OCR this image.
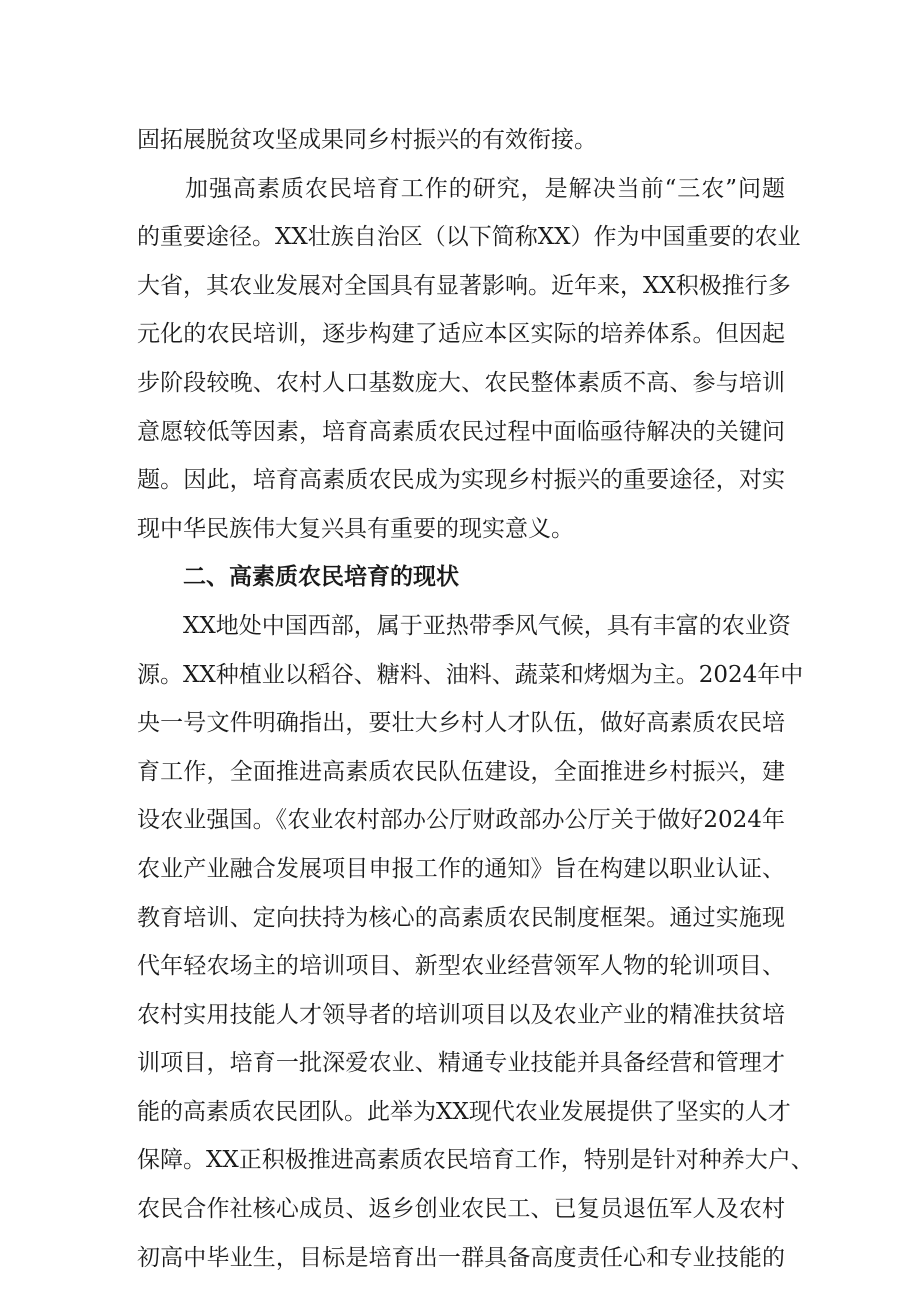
固拓展脱贫攻坚成果同乡村振兴的有效衔接。
　　加强高素质农民培育工作的研究，是解决当前“三农”问题
的重要途径。XX壮族自治区（以下简称XX）作为中国重要的农业
大省，其农业发展对全国具有显著影响。近年来，XX积极推行多
元化的农民培训，逐步构建了适应本区实际的培养体系。但因起
步阶段较晚、农村人口基数庞大、农民整体素质不高、参与培训
意愿较低等因素，培育高素质农民过程中面临亟待解决的关键问
题。因此，培育高素质农民成为实现乡村振兴的重要途径，对实
现中华民族伟大复兴具有重要的现实意义。
　　二、高素质农民培育的现状
　　XX地处中国西部，属于亚热带季风气候，具有丰富的农业资
源。XX种植业以稻谷、糖料、油料、蔬菜和烤烟为主。2024年中
央一号文件明确指出，要壮大乡村人才队伍，做好高素质农民培
育工作，全面推进高素质农民队伍建设，全面推进乡村振兴，建
设农业强国。《农业农村部办公厅财政部办公厅关于做好2024年
农业产业融合发展项目申报工作的通知》旨在构建以职业认证、
教育培训、定向扶持为核心的高素质农民制度框架。通过实施现
代年轻农场主的培训项目、新型农业经营领军人物的轮训项目、
农村实用技能人才领导者的培训项目以及农业产业的精准扶贫培
训项目，培育一批深爱农业、精通专业技能并具备经营和管理才
能的高素质农民团队。此举为XX现代农业发展提供了坚实的人才
保障。XX正积极推进高素质农民培育工作，特别是针对种养大户、
农民合作社核心成员、返乡创业农民工、已复员退伍军人及农村
初高中毕业生，目标是培育出一群具备高度责任心和专业技能的
